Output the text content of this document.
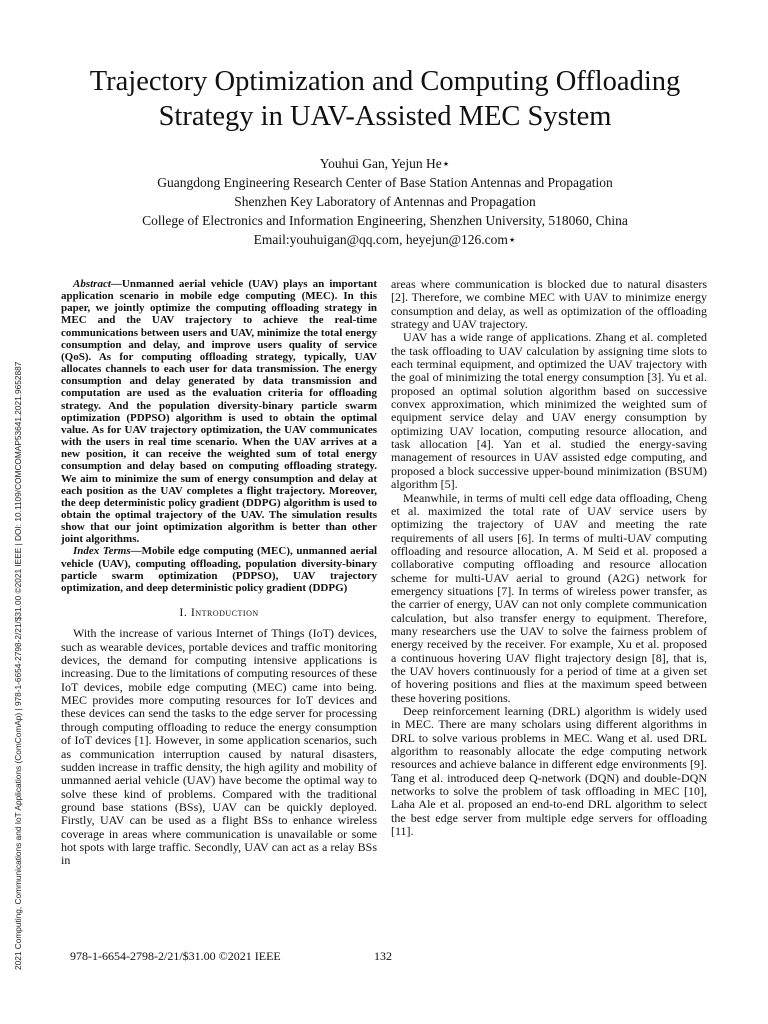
2021 Computing, Communications and IoT Applications (ComComAp) | 978-1-6654-2798-2/21/$31.00 ©2021 IEEE | DOI: 10.1109/COMCOMAP53641.2021.9652887
Trajectory Optimization and Computing Offloading
Strategy in UAV-Assisted MEC System
Youhui Gan, Yejun He⋆
Guangdong Engineering Research Center of Base Station Antennas and Propagation
Shenzhen Key Laboratory of Antennas and Propagation
College of Electronics and Information Engineering, Shenzhen University, 518060, China
Email:youhuigan@qq.com, heyejun@126.com⋆

Abstract—Unmanned aerial vehicle (UAV) plays an important application scenario in mobile edge computing (MEC). In this paper, we jointly optimize the computing offloading strategy in MEC and the UAV trajectory to achieve the real-time communications between users and UAV, minimize the total energy consumption and delay, and improve users quality of service (QoS). As for computing offloading strategy, typically, UAV allocates channels to each user for data transmission. The energy consumption and delay generated by data transmission and computation are used as the evaluation criteria for offloading strategy. And the population diversity-binary particle swarm optimization (PDPSO) algorithm is used to obtain the optimal value. As for UAV trajectory optimization, the UAV communicates with the users in real time scenario. When the UAV arrives at a new position, it can receive the weighted sum of total energy consumption and delay based on computing offloading strategy. We aim to minimize the sum of energy consumption and delay at each position as the UAV completes a flight trajectory. Moreover, the deep deterministic policy gradient (DDPG) algorithm is used to obtain the optimal trajectory of the UAV. The simulation results show that our joint optimization algorithm is better than other joint algorithms.

Index Terms—Mobile edge computing (MEC), unmanned aerial vehicle (UAV), computing offloading, population diversity-binary particle swarm optimization (PDPSO), UAV trajectory optimization, and deep deterministic policy gradient (DDPG)

I. Introduction

With the increase of various Internet of Things (IoT) devices, such as wearable devices, portable devices and traffic monitoring devices, the demand for computing intensive applications is increasing. Due to the limitations of computing resources of these IoT devices, mobile edge computing (MEC) came into being. MEC provides more computing resources for IoT devices and these devices can send the tasks to the edge server for processing through computing offloading to reduce the energy consumption of IoT devices [1]. However, in some application scenarios, such as communication interruption caused by natural disasters, sudden increase in traffic density, the high agility and mobility of unmanned aerial vehicle (UAV) have become the optimal way to solve these kind of problems. Compared with the traditional ground base stations (BSs), UAV can be quickly deployed. Firstly, UAV can be used as a flight BSs to enhance wireless coverage in areas where communication is unavailable or some hot spots with large traffic. Secondly, UAV can act as a relay BSs in

areas where communication is blocked due to natural disasters [2]. Therefore, we combine MEC with UAV to minimize energy consumption and delay, as well as optimization of the offloading strategy and UAV trajectory.

UAV has a wide range of applications. Zhang et al. completed the task offloading to UAV calculation by assigning time slots to each terminal equipment, and optimized the UAV trajectory with the goal of minimizing the total energy consumption [3]. Yu et al. proposed an optimal solution algorithm based on successive convex approximation, which minimized the weighted sum of equipment service delay and UAV energy consumption by optimizing UAV location, computing resource allocation, and task allocation [4]. Yan et al. studied the energy-saving management of resources in UAV assisted edge computing, and proposed a block successive upper-bound minimization (BSUM) algorithm [5].

Meanwhile, in terms of multi cell edge data offloading, Cheng et al. maximized the total rate of UAV service users by optimizing the trajectory of UAV and meeting the rate requirements of all users [6]. In terms of multi-UAV computing offloading and resource allocation, A. M Seid et al. proposed a collaborative computing offloading and resource allocation scheme for multi-UAV aerial to ground (A2G) network for emergency situations [7]. In terms of wireless power transfer, as the carrier of energy, UAV can not only complete communication calculation, but also transfer energy to equipment. Therefore, many researchers use the UAV to solve the fairness problem of energy received by the receiver. For example, Xu et al. proposed a continuous hovering UAV flight trajectory design [8], that is, the UAV hovers continuously for a period of time at a given set of hovering positions and flies at the maximum speed between these hovering positions.

Deep reinforcement learning (DRL) algorithm is widely used in MEC. There are many scholars using different algorithms in DRL to solve various problems in MEC. Wang et al. used DRL algorithm to reasonably allocate the edge computing network resources and achieve balance in different edge environments [9]. Tang et al. introduced deep Q-network (DQN) and double-DQN networks to solve the problem of task offloading in MEC [10], Laha Ale et al. proposed an end-to-end DRL algorithm to select the best edge server from multiple edge servers for offloading [11].

978-1-6654-2798-2/21/$31.00 ©2021 IEEE	132
